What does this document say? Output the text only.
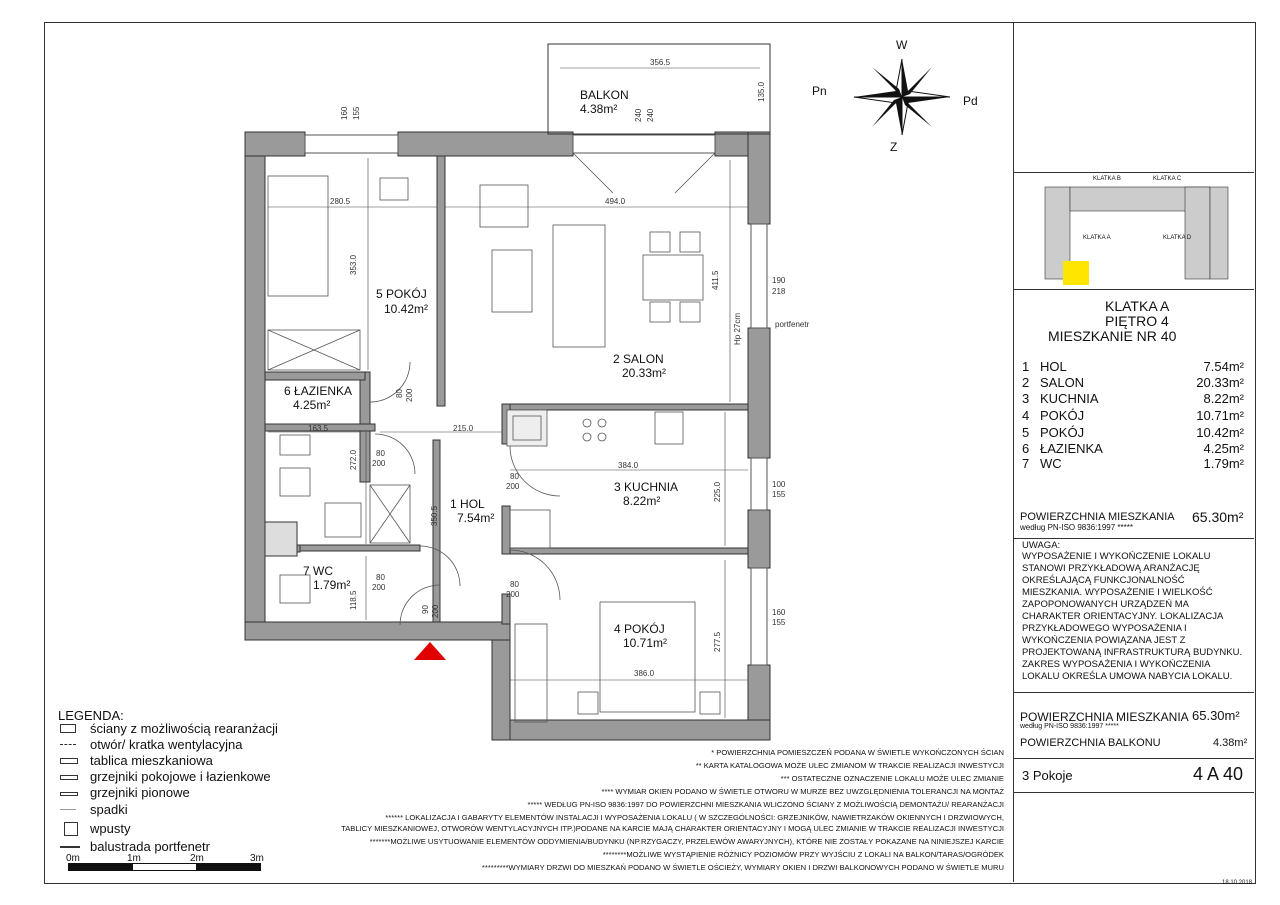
W
Pd
Z
Pn
BALKON
4.38m²
356.5
135.0
5 POKÓJ
10.42m²
2 SALON
20.33m²
6 ŁAZIENKA
4.25m²
3 KUCHNIA
8.22m²
1 HOL
7.54m²
7 WC
1.79m²
4 POKÓJ
10.71m²
280.5	494.0
353.0
411.5
163.5	215.0
384.0
272.0
350.5
225.0
118.5
277.5
386.0
160 155	240 240
190
218
portfenetr
Hp 27cm
100
155
160
155
80
200
80
200
80
200	80
200
80 200
90 200
KLATKA B	KLATKA C
KLATKA A	KLATKA D
KLATKA A
PIĘTRO 4
MIESZKANIE NR 40
1 HOL	7.54m²
2 SALON	20.33m²
3 KUCHNIA	8.22m²
4 POKÓJ	10.71m²
5 POKÓJ	10.42m²
6 ŁAZIENKA	4.25m²
7 WC	1.79m²
POWIERZCHNIA MIESZKANIA
według PN-ISO 9836:1997 *****
65.30m²
UWAGA:
WYPOSAŻENIE I WYKOŃCZENIE LOKALU STANOWI PRZYKŁADOWĄ ARANŻACJĘ OKREŚLAJĄCĄ FUNKCJONALNOŚĆ MIESZKANIA. WYPOSAŻENIE I WIELKOŚĆ ZAPOPONOWANYCH URZĄDZEŃ MA CHARAKTER ORIENTACYJNY. LOKALIZACJA PRZYKŁADOWEGO WYPOSAŻENIA I WYKOŃCZENIA POWIĄZANA JEST Z PROJEKTOWANĄ INFRASTRUKTURĄ BUDYNKU. ZAKRES WYPOSAŻENIA I WYKOŃCZENIA LOKALU OKREŚLA UMOWA NABYCIA LOKALU.
POWIERZCHNIA MIESZKANIA 65.30m²
według PN-ISO 9836:1997 *****
POWIERZCHNIA BALKONU	4.38m²
3 Pokoje	4 A 40
18.10.2018
LEGENDA:
ściany z możliwością rearanżacji
otwór/ kratka wentylacyjna
tablica mieszkaniowa
grzejniki pokojowe i łazienkowe
grzejniki pionowe
spadki
wpusty
balustrada portfenetr
0m	1m	2m	3m
* POWIERZCHNIA POMIESZCZEŃ PODANA W ŚWIETLE WYKOŃCZONYCH ŚCIAN
** KARTA KATALOGOWA MOŻE ULEC ZMIANOM W TRAKCIE REALIZACJI INWESTYCJI
*** OSTATECZNE OZNACZENIE LOKALU MOŻE ULEC ZMIANIE
**** WYMIAR OKIEN PODANO W ŚWIETLE OTWORU W MURZE BEZ UWZGLĘDNIENIA TOLERANCJI NA MONTAŻ
***** WEDŁUG PN-ISO 9836:1997 DO POWIERZCHNI MIESZKANIA WLICZONO ŚCIANY Z MOŻLIWOŚCIĄ DEMONTAŻU/ REARANŻACJI
****** LOKALIZACJA I GABARYTY ELEMENTÓW INSTALACJI I WYPOSAŻENIA LOKALU ( W SZCZEGÓLNOŚCI: GRZEJNIKÓW, NAWIETRZAKÓW OKIENNYCH I DRZWIOWYCH,
TABLICY MIESZKANIOWEJ, OTWORÓW WENTYLACYJNYCH ITP.)PODANE NA KARCIE MAJĄ CHARAKTER ORIENTACYJNY I MOGĄ ULEC ZMIANIE W TRAKCIE REALIZACJI INWESTYCJI
*******MOŻLIWE USYTUOWANIE ELEMENTÓW ODDYMIENIA/BUDYNKU (NP.RZYGACZY, PRZELEWÓW AWARYJNYCH), KTÓRE NIE ZOSTAŁY POKAZANE NA NINIEJSZEJ KARCIE
********MOŻLIWE WYSTĄPIENIE RÓŻNICY POZIOMÓW PRZY WYJŚCIU Z LOKALI NA BALKON/TARAS/OGRÓDEK
*********WYMIARY DRZWI DO MIESZKAŃ PODANO W ŚWIETLE OŚCIEŻY, WYMIARY OKIEN I DRZWI BALKONOWYCH PODANO W ŚWIETLE MURU
